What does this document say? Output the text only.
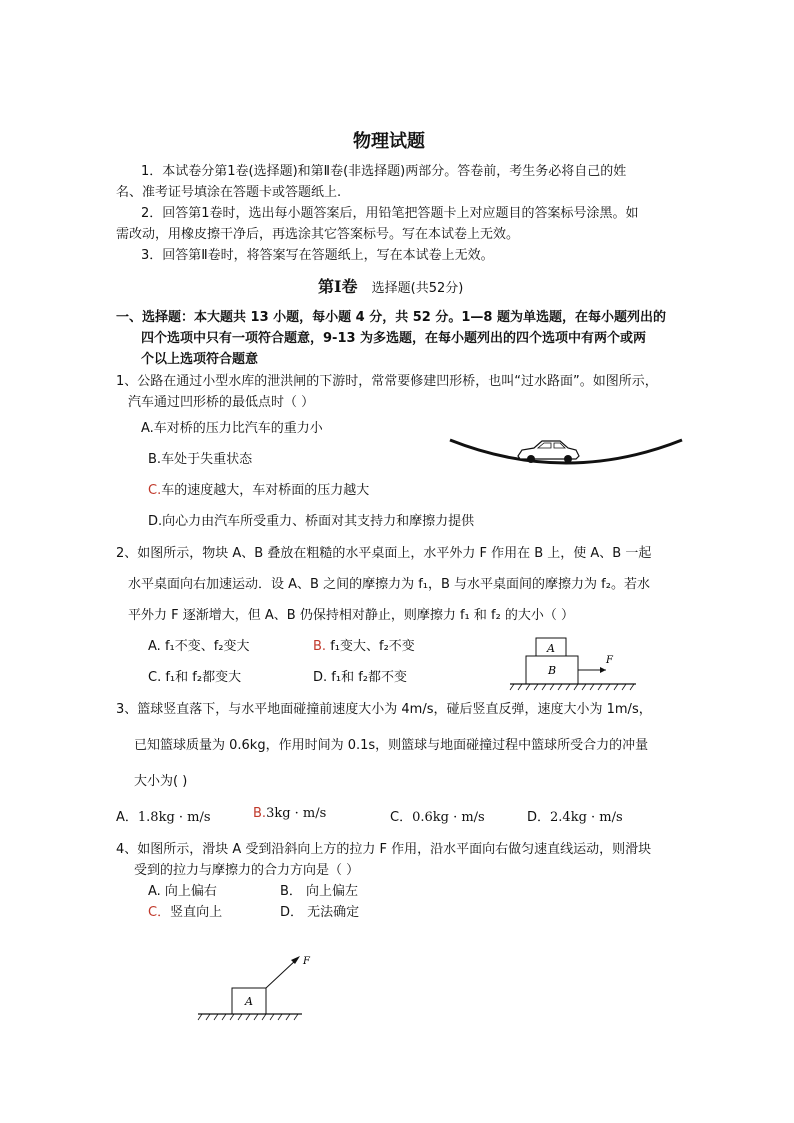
物理试题
1．本试卷分第1卷(选择题)和第Ⅱ卷(非选择题)两部分。答卷前，考生务必将自己的姓
名、准考证号填涂在答题卡或答题纸上.
2．回答第1卷时，选出每小题答案后，用铅笔把答题卡上对应题目的答案标号涂黑。如
需改动，用橡皮擦干净后，再选涂其它答案标号。写在本试卷上无效。
3．回答第Ⅱ卷时，将答案写在答题纸上，写在本试卷上无效。
第Ⅰ卷 选择题(共52分)
一、选择题：本大题共 13 小题，每小题 4 分，共 52 分。1—8 题为单选题，在每小题列出的
四个选项中只有一项符合题意，9-13 为多选题，在每小题列出的四个选项中有两个或两
个以上选项符合题意
1、公路在通过小型水库的泄洪闸的下游时，常常要修建凹形桥，也叫“过水路面”。如图所示，
汽车通过凹形桥的最低点时（ ）
A.车对桥的压力比汽车的重力小
B.车处于失重状态
C.车的速度越大，车对桥面的压力越大
D.向心力由汽车所受重力、桥面对其支持力和摩擦力提供
2、如图所示，物块 A、B 叠放在粗糙的水平桌面上，水平外力 F 作用在 B 上，使 A、B 一起
水平桌面向右加速运动．设 A、B 之间的摩擦力为 f₁，B 与水平桌面间的摩擦力为 f₂。若水
平外力 F 逐渐增大，但 A、B 仍保持相对静止，则摩擦力 f₁ 和 f₂ 的大小（ ）
A. f₁不变、f₂变大	B. f₁变大、f₂不变
C. f₁和 f₂都变大	D. f₁和 f₂都不变
A
B
F
3、篮球竖直落下，与水平地面碰撞前速度大小为 4m/s，碰后竖直反弹，速度大小为 1m/s，
已知篮球质量为 0.6kg，作用时间为 0.1s，则篮球与地面碰撞过程中篮球所受合力的冲量
大小为( )
A．1.8kg · m/s	B.3kg · m/s	C．0.6kg · m/s	D．2.4kg · m/s
4、如图所示，滑块 A 受到沿斜向上方的拉力 F 作用，沿水平面向右做匀速直线运动，则滑块
受到的拉力与摩擦力的合力方向是（ ）
A. 向上偏右	B． 向上偏左
C．竖直向上	D． 无法确定
A
F
